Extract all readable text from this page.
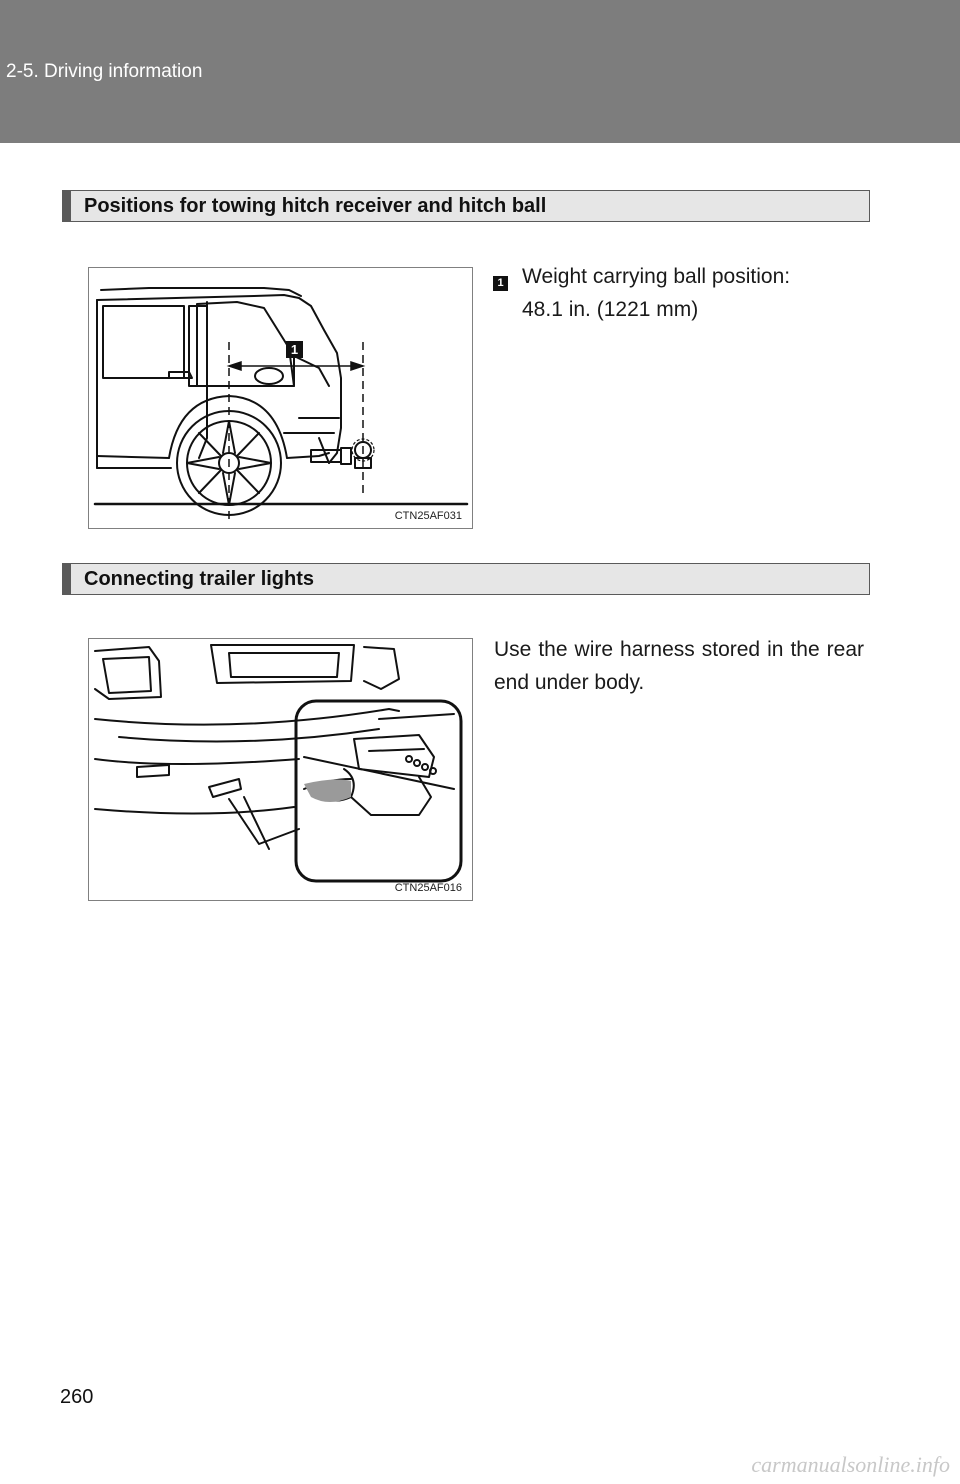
2-5. Driving information
Positions for towing hitch receiver and hitch ball
1
CTN25AF031
1 Weight carrying ball position:
48.1 in. (1221 mm)
Connecting trailer lights
CTN25AF016
Use the wire harness stored in the rear end under body.
260
carmanualsonline.info
